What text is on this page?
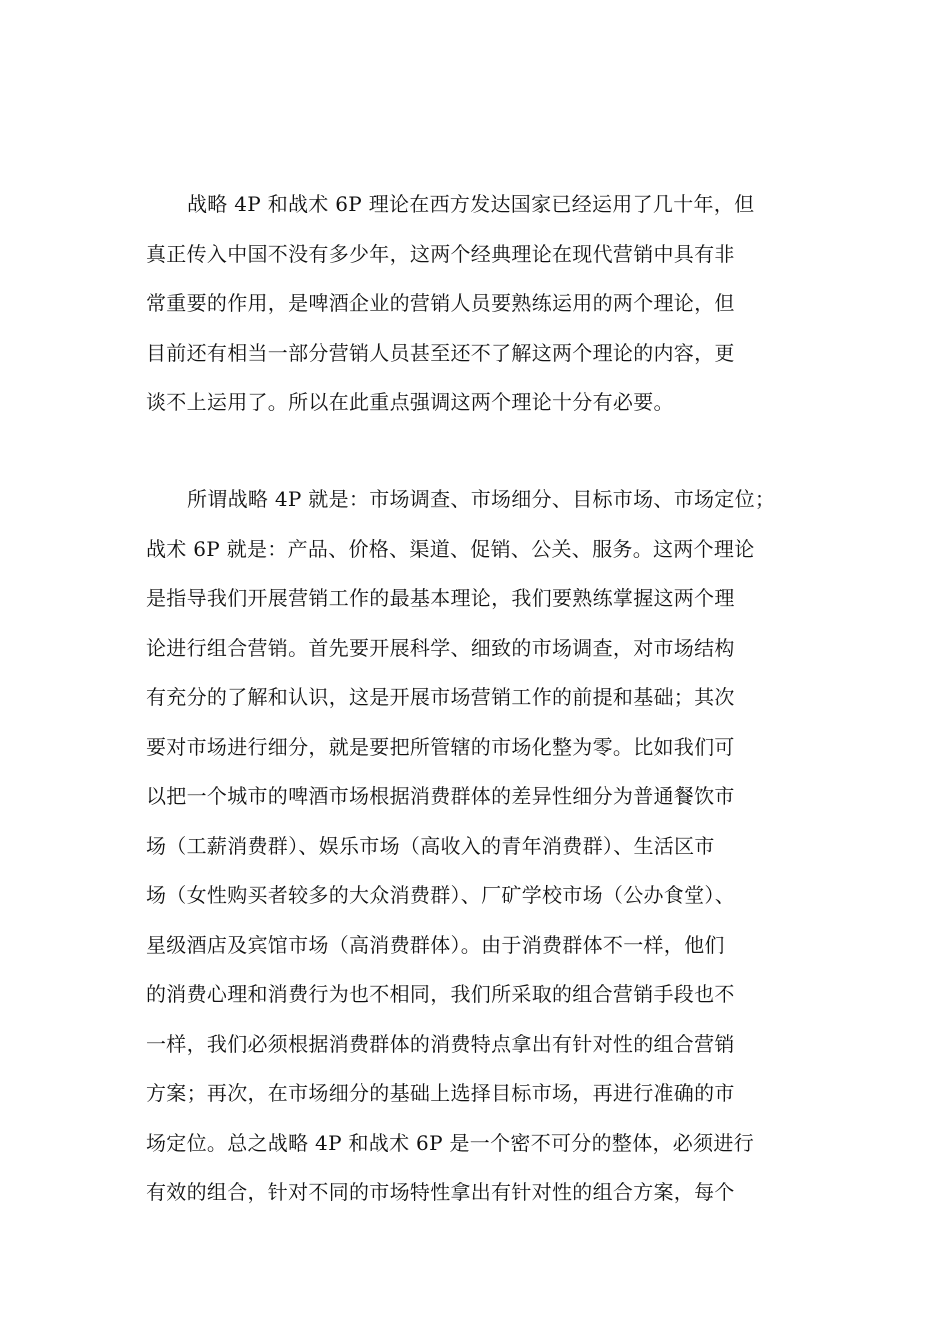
战略 4P 和战术 6P 理论在西方发达国家已经运用了几十年，但
真正传入中国不没有多少年，这两个经典理论在现代营销中具有非
常重要的作用，是啤酒企业的营销人员要熟练运用的两个理论，但
目前还有相当一部分营销人员甚至还不了解这两个理论的内容，更
谈不上运用了。所以在此重点强调这两个理论十分有必要。
所谓战略 4P 就是：市场调查、市场细分、目标市场、市场定位；
战术 6P 就是：产品、价格、渠道、促销、公关、服务。这两个理论
是指导我们开展营销工作的最基本理论，我们要熟练掌握这两个理
论进行组合营销。首先要开展科学、细致的市场调查，对市场结构
有充分的了解和认识，这是开展市场营销工作的前提和基础；其次
要对市场进行细分，就是要把所管辖的市场化整为零。比如我们可
以把一个城市的啤酒市场根据消费群体的差异性细分为普通餐饮市
场（工薪消费群）、娱乐市场（高收入的青年消费群）、生活区市
场（女性购买者较多的大众消费群）、厂矿学校市场（公办食堂）、
星级酒店及宾馆市场（高消费群体）。由于消费群体不一样，他们
的消费心理和消费行为也不相同，我们所采取的组合营销手段也不
一样，我们必须根据消费群体的消费特点拿出有针对性的组合营销
方案；再次，在市场细分的基础上选择目标市场，再进行准确的市
场定位。总之战略 4P 和战术 6P 是一个密不可分的整体，必须进行
有效的组合，针对不同的市场特性拿出有针对性的组合方案，每个
